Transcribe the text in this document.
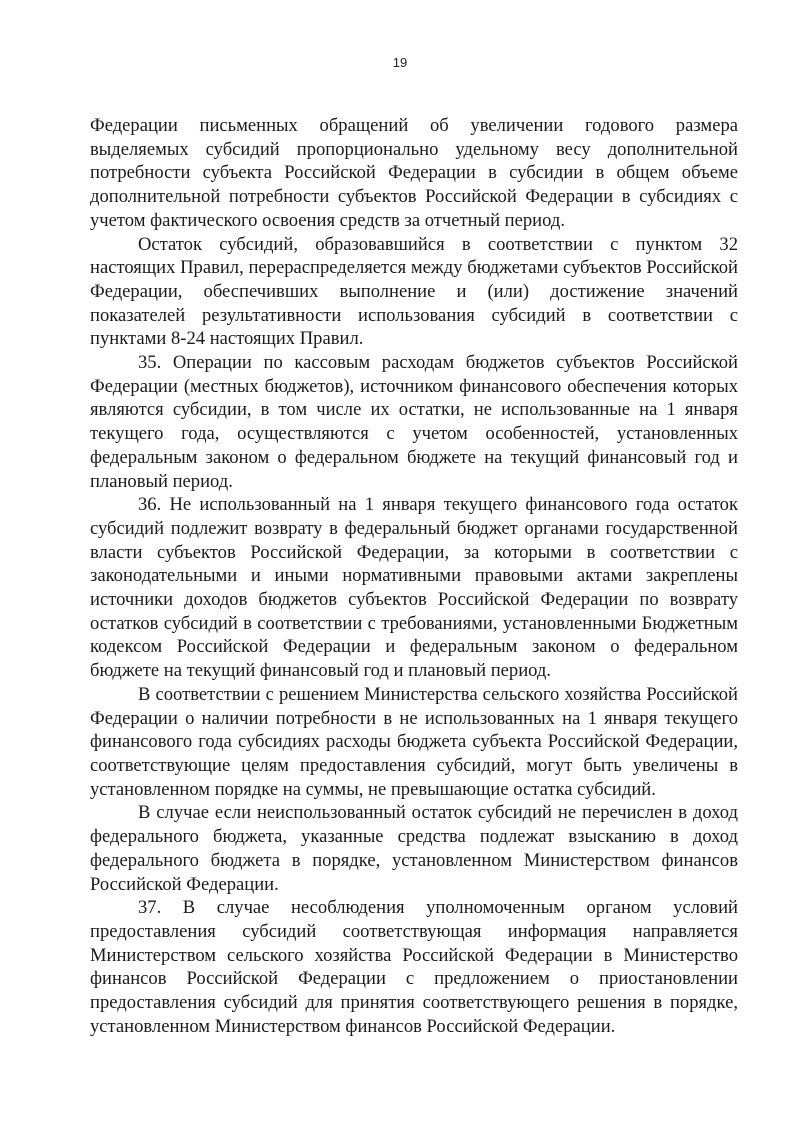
19

Федерации письменных обращений об увеличении годового размера выделяемых субсидий пропорционально удельному весу дополнительной потребности субъекта Российской Федерации в субсидии в общем объеме дополнительной потребности субъектов Российской Федерации в субсидиях с учетом фактического освоения средств за отчетный период.

Остаток субсидий, образовавшийся в соответствии с пунктом 32 настоящих Правил, перераспределяется между бюджетами субъектов Российской Федерации, обеспечивших выполнение и (или) достижение значений показателей результативности использования субсидий в соответствии с пунктами 8-24 настоящих Правил.

35. Операции по кассовым расходам бюджетов субъектов Российской Федерации (местных бюджетов), источником финансового обеспечения которых являются субсидии, в том числе их остатки, не использованные на 1 января текущего года, осуществляются с учетом особенностей, установленных федеральным законом о федеральном бюджете на текущий финансовый год и плановый период.

36. Не использованный на 1 января текущего финансового года остаток субсидий подлежит возврату в федеральный бюджет органами государственной власти субъектов Российской Федерации, за которыми в соответствии с законодательными и иными нормативными правовыми актами закреплены источники доходов бюджетов субъектов Российской Федерации по возврату остатков субсидий в соответствии с требованиями, установленными Бюджетным кодексом Российской Федерации и федеральным законом о федеральном бюджете на текущий финансовый год и плановый период.

В соответствии с решением Министерства сельского хозяйства Российской Федерации о наличии потребности в не использованных на 1 января текущего финансового года субсидиях расходы бюджета субъекта Российской Федерации, соответствующие целям предоставления субсидий, могут быть увеличены в установленном порядке на суммы, не превышающие остатка субсидий.

В случае если неиспользованный остаток субсидий не перечислен в доход федерального бюджета, указанные средства подлежат взысканию в доход федерального бюджета в порядке, установленном Министерством финансов Российской Федерации.

37. В случае несоблюдения уполномоченным органом условий предоставления субсидий соответствующая информация направляется Министерством сельского хозяйства Российской Федерации в Министерство финансов Российской Федерации с предложением о приостановлении предоставления субсидий для принятия соответствующего решения в порядке, установленном Министерством финансов Российской Федерации.
